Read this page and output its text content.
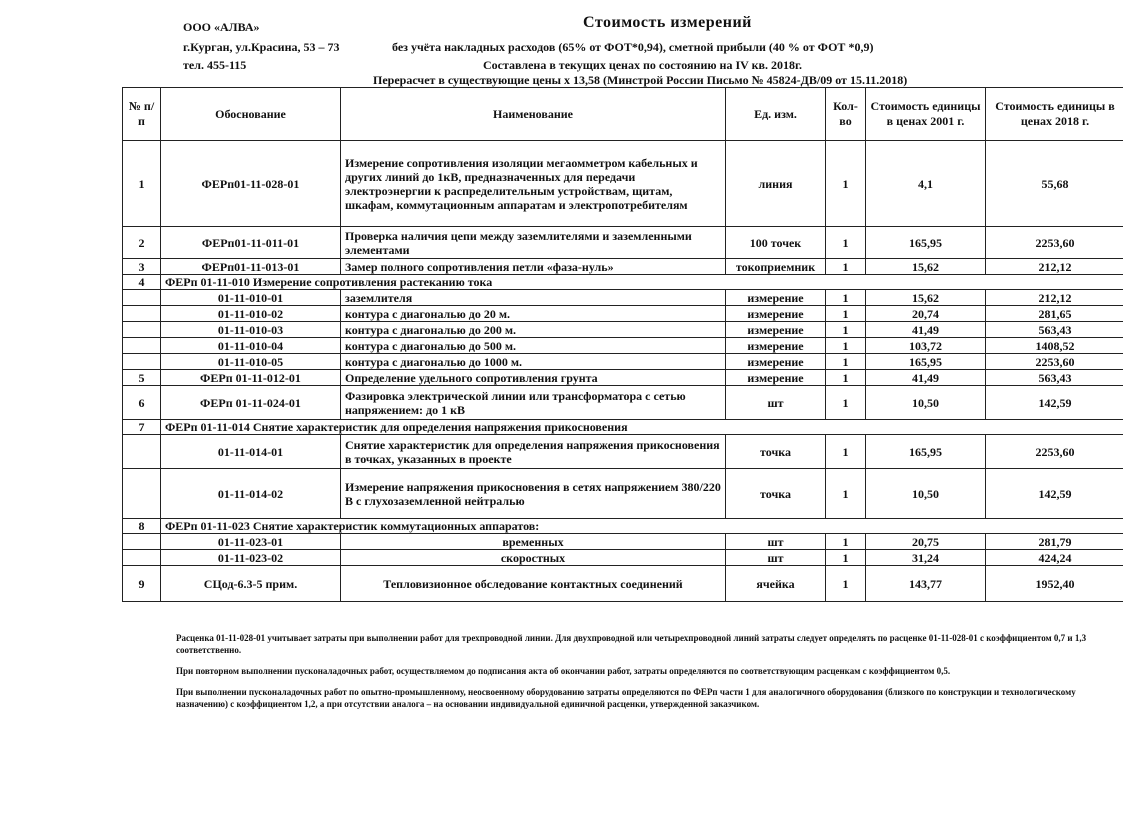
ООО «АЛВА»
г.Курган, ул.Красина, 53 – 73
тел. 455-115
Стоимость измерений
без учёта накладных расходов (65% от ФОТ*0,94), сметной прибыли (40 % от ФОТ *0,9)
Составлена в текущих ценах по состоянию на IV кв. 2018г.
Перерасчет в существующие цены х 13,58 (Минстрой России Письмо № 45824-ДВ/09 от 15.11.2018)
№ п/п	Обоснование	Наименование	Ед. изм.	Кол-во	Стоимость единицы в ценах 2001 г.	Стоимость единицы в ценах 2018 г.
1	ФЕРп01-11-028-01	Измерение сопротивления изоляции мегаомметром кабельных и других линий до 1кВ, предназначенных для передачи электроэнергии к распределительным устройствам, щитам, шкафам, коммутационным аппаратам и электропотребителям	линия	1	4,1	55,68
2	ФЕРп01-11-011-01	Проверка наличия цепи между заземлителями и заземленными элементами	100 точек	1	165,95	2253,60
3	ФЕРп01-11-013-01	Замер полного сопротивления петли «фаза-нуль»	токоприемник	1	15,62	212,12
4	ФЕРп 01-11-010 Измерение сопротивления растеканию тока					
	01-11-010-01	заземлителя	измерение	1	15,62	212,12
	01-11-010-02	контура с диагональю до 20 м.	измерение	1	20,74	281,65
	01-11-010-03	контура с диагональю до 200 м.	измерение	1	41,49	563,43
	01-11-010-04	контура с диагональю до 500 м.	измерение	1	103,72	1408,52
	01-11-010-05	контура с диагональю до 1000 м.	измерение	1	165,95	2253,60
5	ФЕРп 01-11-012-01	Определение удельного сопротивления грунта	измерение	1	41,49	563,43
6	ФЕРп 01-11-024-01	Фазировка электрической линии или трансформатора с сетью напряжением: до 1 кВ	шт	1	10,50	142,59
7	ФЕРп 01-11-014 Снятие характеристик для определения напряжения прикосновения					
	01-11-014-01	Снятие характеристик для определения напряжения прикосновения в точках, указанных в проекте	точка	1	165,95	2253,60
	01-11-014-02	Измерение напряжения прикосновения в сетях напряжением 380/220 В с глухозаземленной нейтралью	точка	1	10,50	142,59
8	ФЕРп 01-11-023 Снятие характеристик коммутационных аппаратов:					
	01-11-023-01	временных	шт	1	20,75	281,79
	01-11-023-02	скоростных	шт	1	31,24	424,24
9	СЦод-6.3-5 прим.	Тепловизионное обследование контактных соединений	ячейка	1	143,77	1952,40
Расценка 01-11-028-01 учитывает затраты при выполнении работ для трехпроводной линии. Для двухпроводной или четырехпроводной линий затраты следует определять по расценке 01-11-028-01 с коэффициентом 0,7 и 1,3 соответственно.
При повторном выполнении пусконаладочных работ, осуществляемом до подписания акта об окончании работ, затраты определяются по соответствующим расценкам с коэффициентом 0,5.
При выполнении пусконаладочных работ по опытно-промышленному, неосвоенному оборудованию затраты определяются по ФЕРп части 1 для аналогичного оборудования (близкого по конструкции и технологическому назначению) с коэффициентом 1,2, а при отсутствии аналога – на основании индивидуальной единичной расценки, утвержденной заказчиком.
